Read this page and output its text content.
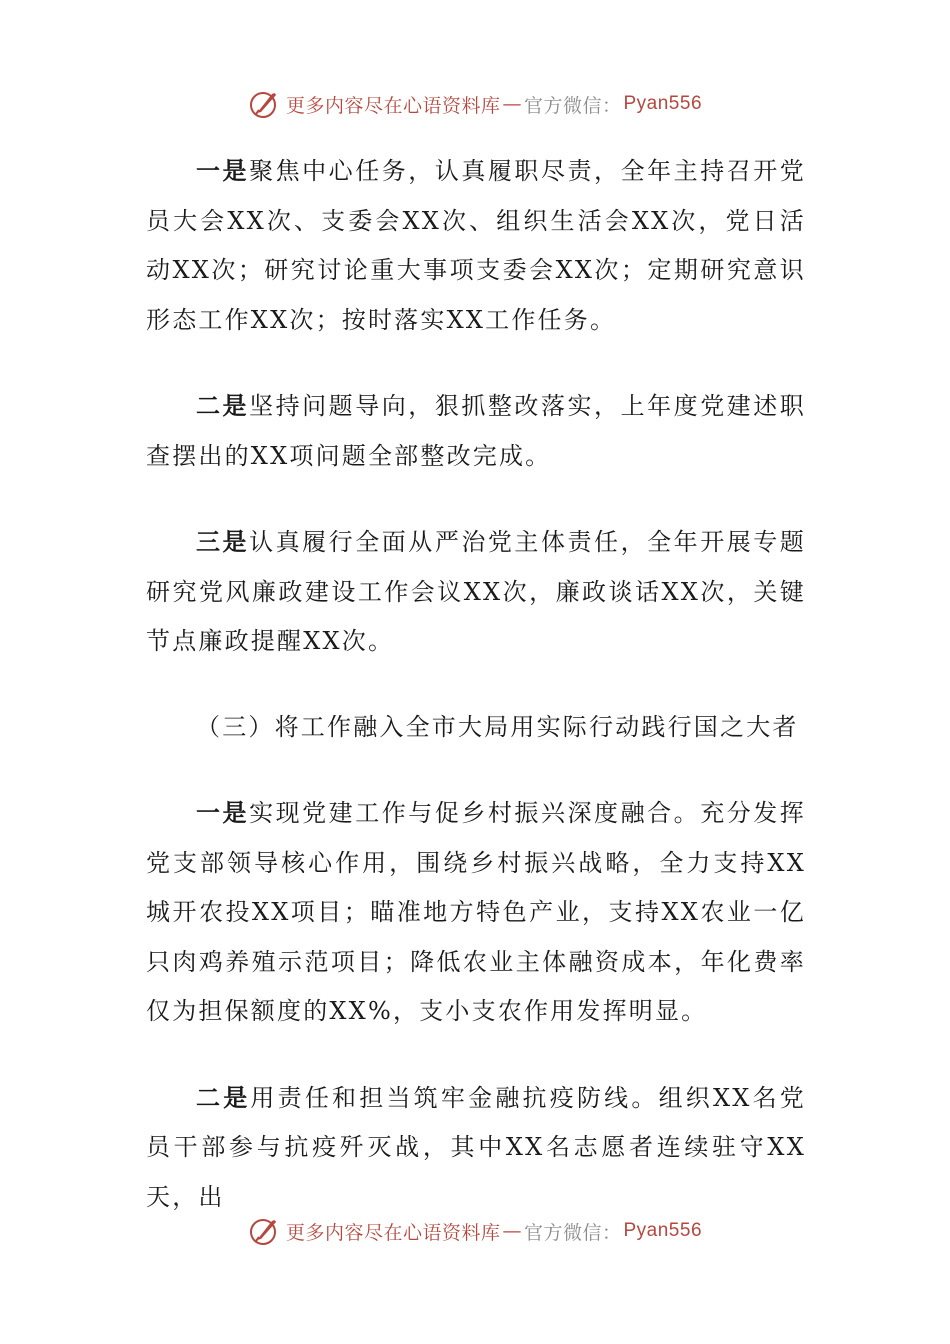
更多内容尽在心语资料库 — 官方微信： Pyan556

一是聚焦中心任务，认真履职尽责，全年主持召开党员大会XX次、支委会XX次、组织生活会XX次，党日活动XX次；研究讨论重大事项支委会XX次；定期研究意识形态工作XX次；按时落实XX工作任务。

二是坚持问题导向，狠抓整改落实，上年度党建述职查摆出的XX项问题全部整改完成。

三是认真履行全面从严治党主体责任，全年开展专题研究党风廉政建设工作会议XX次，廉政谈话XX次，关键节点廉政提醒XX次。

（三）将工作融入全市大局用实际行动践行国之大者

一是实现党建工作与促乡村振兴深度融合。充分发挥党支部领导核心作用，围绕乡村振兴战略，全力支持XX城开农投XX项目；瞄准地方特色产业，支持XX农业一亿只肉鸡养殖示范项目；降低农业主体融资成本，年化费率仅为担保额度的XX%，支小支农作用发挥明显。

二是用责任和担当筑牢金融抗疫防线。组织XX名党员干部参与抗疫歼灭战，其中XX名志愿者连续驻守XX天，出

更多内容尽在心语资料库 — 官方微信： Pyan556
